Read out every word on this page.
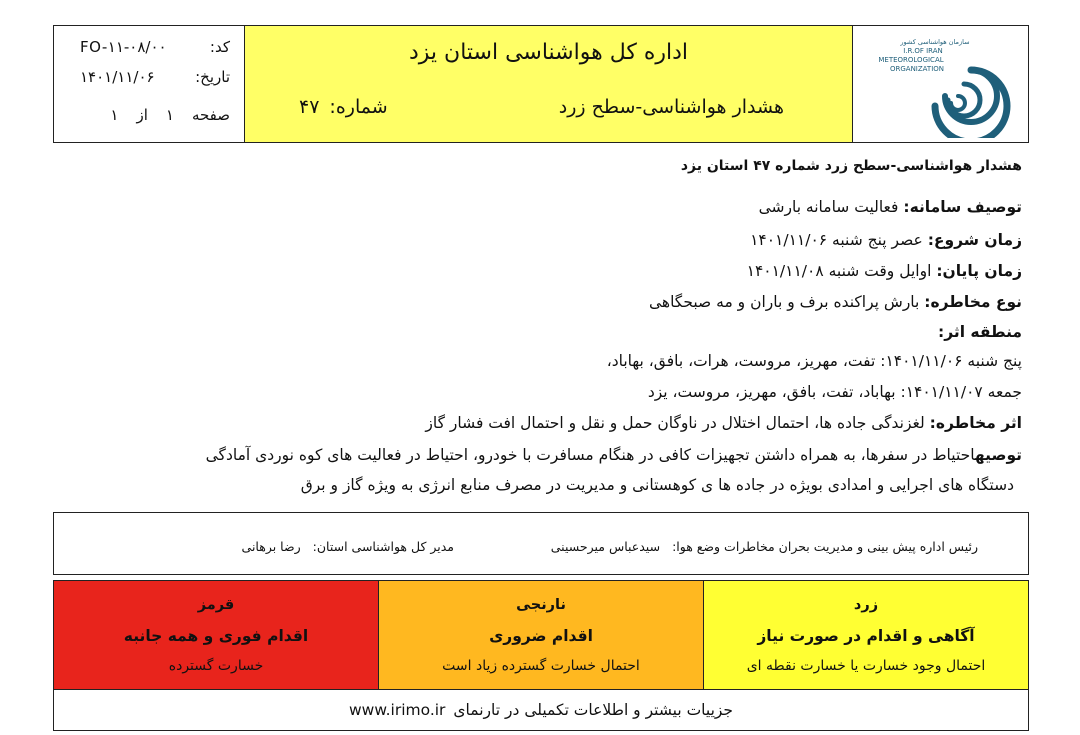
FO-۱۱-۰۸/۰۰	کد:
۱۴۰۱/۱۱/۰۶	تاریخ:
صفحه
۱
از
۱
اداره کل هواشناسی استان یزد
هشدار هواشناسی-سطح زرد
شماره:
۴۷
سازمان هواشناسی کشور
I.R.OF IRAN
METEOROLOGICAL
ORGANIZATION
هشدار هواشناسی-سطح زرد شماره ۴۷ استان یزد
توصیف سامانه: فعالیت سامانه بارشی
زمان شروع: عصر پنج شنبه ۱۴۰۱/۱۱/۰۶
زمان پایان: اوایل وقت شنبه ۱۴۰۱/۱۱/۰۸
نوع مخاطره: بارش پراکنده برف و باران و مه صبحگاهی
منطقه اثر:
پنج شنبه ۱۴۰۱/۱۱/۰۶: تفت، مهریز، مروست، هرات، بافق، بهاباد،
جمعه ۱۴۰۱/۱۱/۰۷: بهاباد، تفت، بافق، مهریز، مروست، یزد
اثر مخاطره: لغزندگی جاده ها، احتمال اختلال در ناوگان حمل و نقل و احتمال افت فشار گاز
توصیهاحتیاط در سفرها، به همراه داشتن تجهیزات کافی در هنگام مسافرت با خودرو، احتیاط در فعالیت های کوه نوردی آمادگی
دستگاه های اجرایی و امدادی بویژه در جاده ها ی کوهستانی و مدیریت در مصرف منابع انرژی به ویژه گاز و برق
رئیس اداره پیش بینی و مدیریت بحران مخاطرات وضع هوا:
سیدعباس میرحسینی
مدیر کل هواشناسی استان:
رضا برهانی
قرمز
اقدام فوری و همه جانبه
خسارت گسترده
نارنجی
اقدام ضروری
احتمال خسارت گسترده زیاد است
زرد
آگاهی و اقدام در صورت نیاز
احتمال وجود خسارت یا خسارت نقطه ای
جزییات بیشتر و اطلاعات تکمیلی در تارنمای
www.irimo.ir
